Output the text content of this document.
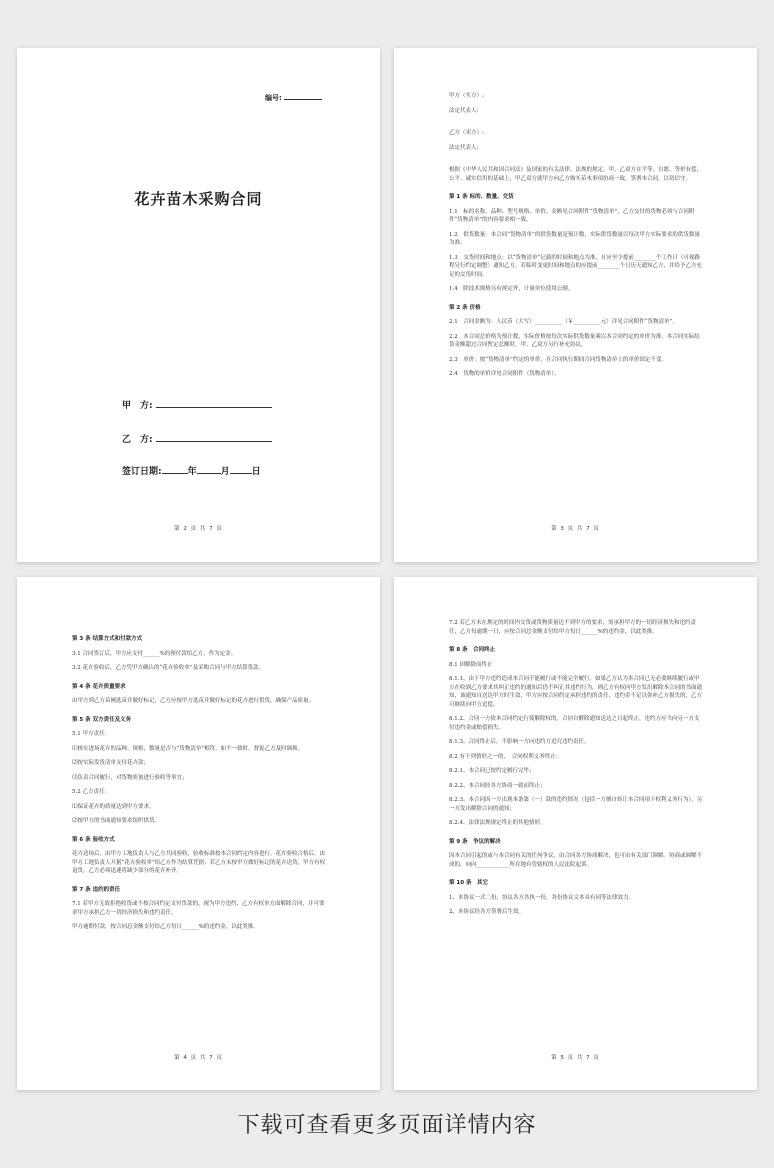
编号:
花卉苗木采购合同
甲　方:
乙　方:
签订日期:	年	月 日
第 2 页 共 7 页

甲方（买方）:

法定代表人:

乙方（卖方）:

法定代表人:

根据《中华人民共和国合同法》及国家的有关法律、法规的规定，甲、乙双方在平等、自愿、等价有偿、公平、诚实信用的基础上，甲乙双方就甲方向乙方购买苗木事项协商一致，签署本合同，以资信守。

第 1 条 标的、数量、交货

1.1　标的名称、品种、型号规格、单价、金额见合同附件“货物清单”，乙方交付的货物必须与合同附件“货物清单”的内容要求相一致。

1.2　供货数量：本合同“货物清单”的供货数量是预计数，实际供货数量以每次甲方实际要求的供货数量为准。

1.3　交货时间和地点：以“货物清单”记载的时间和地点为准，且应至少提前________个工作日（可视路程另行约定调整）通知乙方。若临时变更时间和地点的应提前________个日历天通知乙方，并给予乙方充足的交货时间。

1.4　除技术规格另有规定外，计量单位使用公制。

第 2 条 价格

2.1　合同金额为：人民币（大写）__________（￥__________元）详见合同附件“货物清单”。

2.2　本合同总价格为预计数，实际价格按每次实际供货数量乘以本合同约定的单价为准，本合同实际结算金额超过合同暂定总额时，甲、乙双方另行补充协议。

2.3　单价：按“货物清单”约定的单价，在合同执行期间合同货物清单上的单价固定不变。

2.4　货物的单价详见合同附件（货物清单）。

第 3 页 共 7 页

第 3 条 结算方式和付款方式

3.1 合同签订后，甲方应支付______%的预付款给乙方，作为定金。

3.2 花卉验收后，乙方凭甲方确认的“花卉验收单”及采购合同与甲方结算货款。

第 4 条 花卉质量要求

由甲方到乙方苗圃选苗并做好标记，乙方应按甲方选苗并做好标记的花卉进行供货，确保产品质量。

第 5 条 双方责任及义务

5.1 甲方责任：

⑴核实进场花卉的品种、规格、数量是否与“货物清单”相符，如不一致时，督促乙方及时调换。

⑵按实际发货清单支付花卉款；

⑶负责合同履行，对货物质量进行验收等事宜；

5.2 乙方责任：

⑴保证花卉的质量达到甲方要求。

⑵按甲方的书面通知要求组织供货。

第 6 条 验收方式

花卉送场后，由甲方工地负责人与乙方共同验收，验收标准按本合同约定内容进行。花卉验收合格后，由甲方工地负责人开据“花卉验收单”给乙方作为结算凭据；若乙方未按甲方做好标记的花卉送货，甲方有权退货，乙方必须迅速将缺少部分的花卉补齐。

第 7 条 违约的责任

7.1 若甲方无故拒绝收货或不按合同约定支付货款的，视为甲方违约，乙方有权单方面解除合同，并可要求甲方承担乙方一切经济损失和违约责任。

甲方逾期付款，按合同总金额支付给乙方每日______%的违约金，以此类推。

第 4 页 共 7 页

7.2 若乙方未在规定的时间内交货或货物质量达不到甲方的要求，需承担甲方的一切经济损失和违约责任，乙方每逾期一日，应按合同总金额支付给甲方每日______%的违约金，以此类推。

第 8 条　合同终止

8.1 因解除而终止

8.1.1、由于甲方违约造成本合同不能履行或不能完全履行，如果乙方认为本合同已无必要继续履行或甲方在收到乙方要求其纠正违约的通知后仍不纠正其违约行为，则乙方有权向甲方发出解除本合同的书面通知，该通知自送达甲方时生效，甲方应按合同约定承担违约的责任，违约金不足以弥补乙方损失的，乙方可继续向甲方追偿。

8.1.2、合同一方依本合同约定行使解除权的，合同自解除通知送达之日起终止，违约方应当向另一方支付违约金或赔偿损失。

8.1.3、合同终止后，不影响一方向违约方追究违约责任。

8.2 有下列情形之一的，　合同权利义务终止：

8.2.1、本合同已按约定履行完毕；

8.2.2、本合同经各方协商一致而终止；

8.2.3、本合同因一方出现本条第（一）款的违约情况（包括一方擅自转让本合同项下权利义务行为），另一方发出解除合同的通知；

8.2.4、法律法规规定终止的其他情形。

第 9 条　争议的解决

因本合同引起的或与本合同有关的任何争议，由合同各方协商解决，也可由有关部门调解。协商或调解不成的，向向____________所在地有管辖权的人民法院起诉。

第 10 条　其它

1、本协议一式二份，协议各方各执一份，各份协议文本具有同等法律效力。

2、本协议经各方签署后生效。

第 5 页 共 7 页
下载可查看更多页面详情内容
